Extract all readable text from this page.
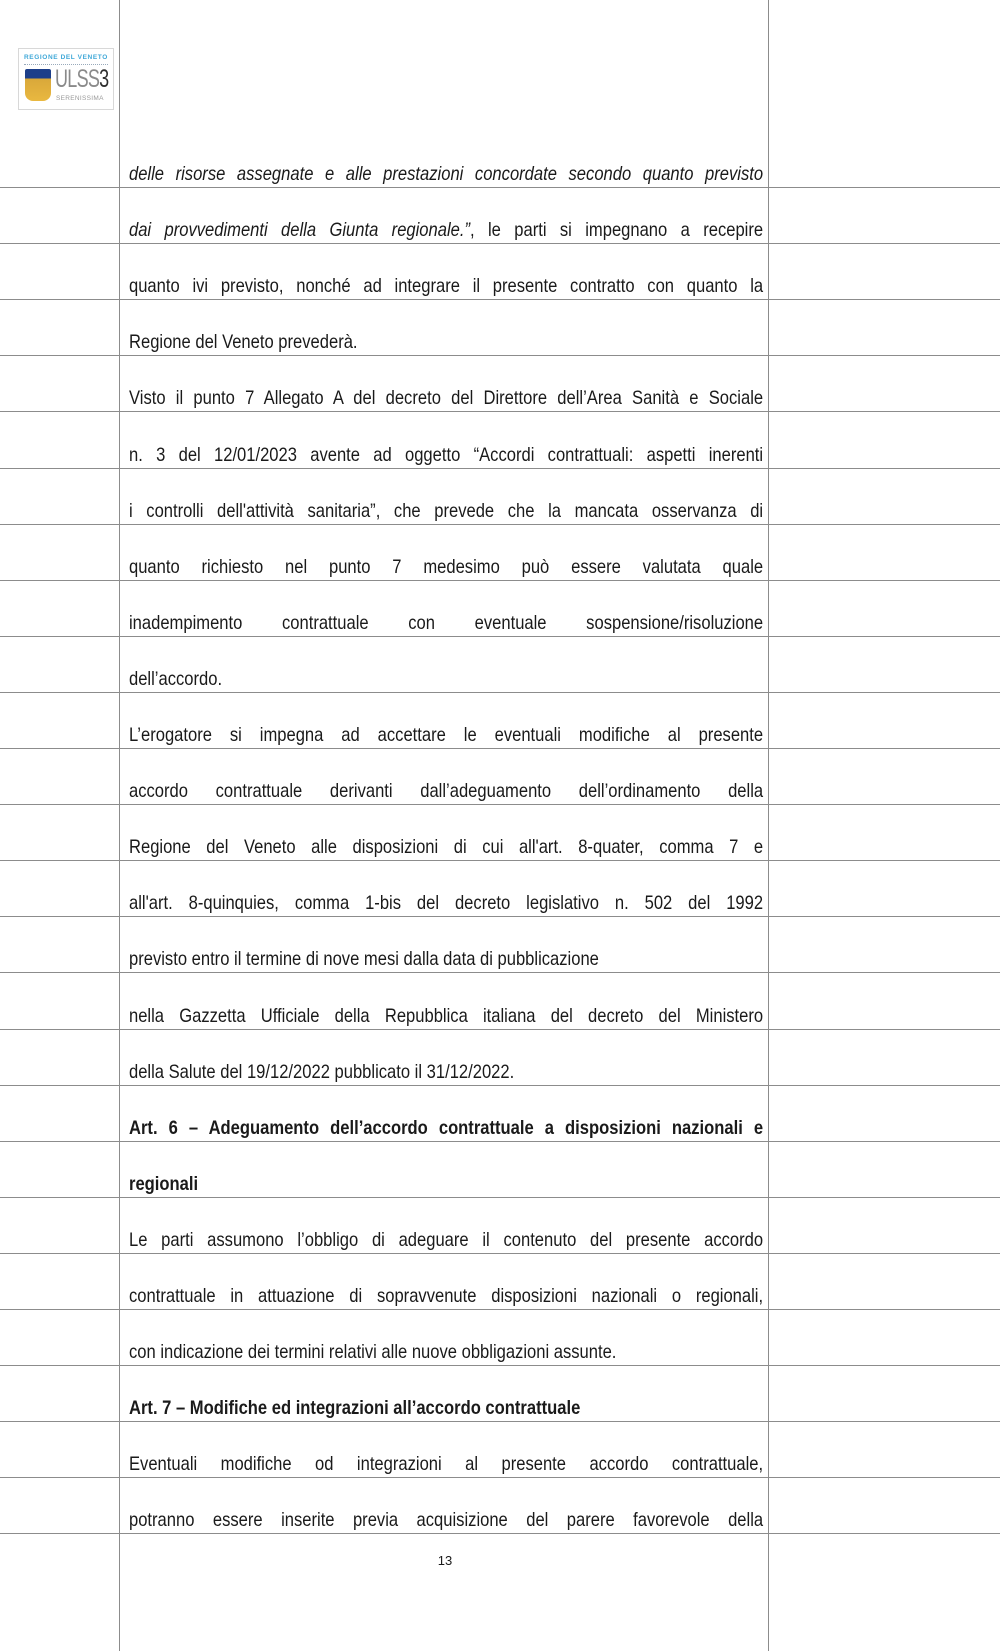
REGIONE DEL VENETO
ULSS3
SERENISSIMA
delle risorse assegnate e alle prestazioni concordate secondo quanto previsto
dai provvedimenti della Giunta regionale.”, le parti si impegnano a recepire
quanto ivi previsto, nonché ad integrare il presente contratto con quanto la
Regione del Veneto prevederà.
Visto il punto 7 Allegato A del decreto del Direttore dell’Area Sanità e Sociale
n. 3 del 12/01/2023 avente ad oggetto “Accordi contrattuali: aspetti inerenti
i controlli dell'attività sanitaria”, che prevede che la mancata osservanza di
quanto richiesto nel punto 7 medesimo può essere valutata quale
inadempimento contrattuale con eventuale sospensione/risoluzione
dell’accordo.
L’erogatore si impegna ad accettare le eventuali modifiche al presente
accordo contrattuale derivanti dall’adeguamento dell’ordinamento della
Regione del Veneto alle disposizioni di cui all'art. 8-quater, comma 7 e
all'art. 8-quinquies, comma 1-bis del decreto legislativo n. 502 del 1992
previsto entro il termine di nove mesi dalla data di pubblicazione
nella Gazzetta Ufficiale della Repubblica italiana del decreto del Ministero
della Salute del 19/12/2022 pubblicato il 31/12/2022.
Art. 6 – Adeguamento dell’accordo contrattuale a disposizioni nazionali e
regionali
Le parti assumono l’obbligo di adeguare il contenuto del presente accordo
contrattuale in attuazione di sopravvenute disposizioni nazionali o regionali,
con indicazione dei termini relativi alle nuove obbligazioni assunte.
Art. 7 – Modifiche ed integrazioni all’accordo contrattuale
Eventuali modifiche od integrazioni al presente accordo contrattuale,
potranno essere inserite previa acquisizione del parere favorevole della
13
